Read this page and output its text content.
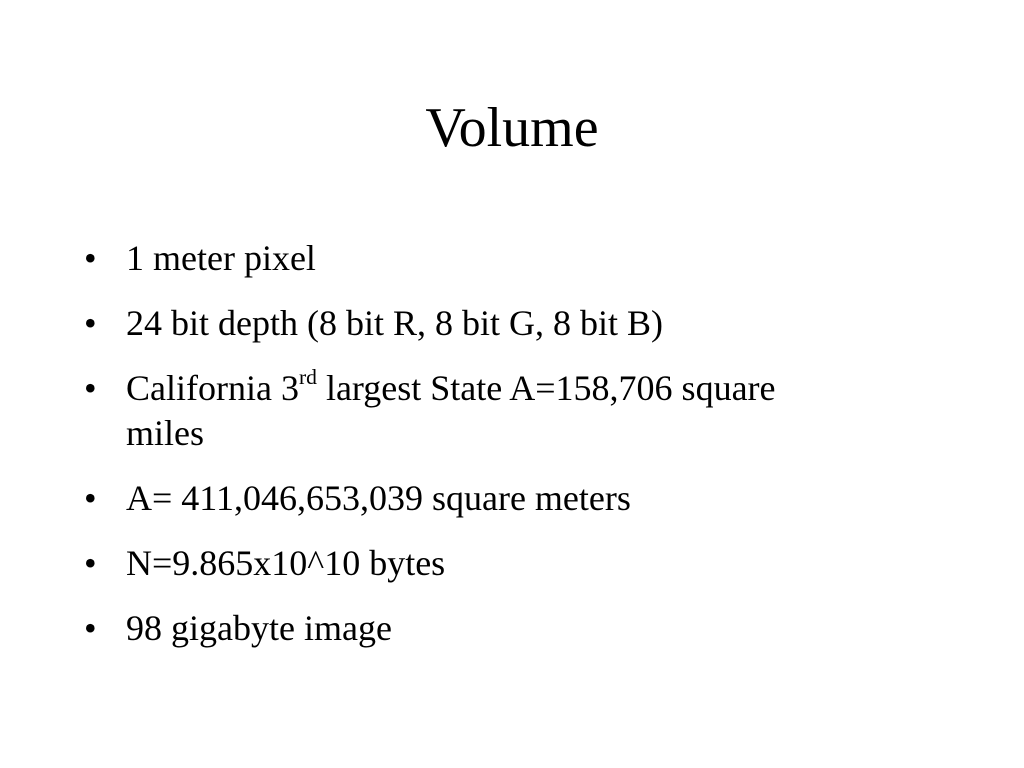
Volume
• 1 meter pixel
• 24 bit depth (8 bit R, 8 bit G, 8 bit B)
• California 3rd largest State A=158,706 square miles
• A= 411,046,653,039 square meters
• N=9.865x10^10 bytes
• 98 gigabyte image
